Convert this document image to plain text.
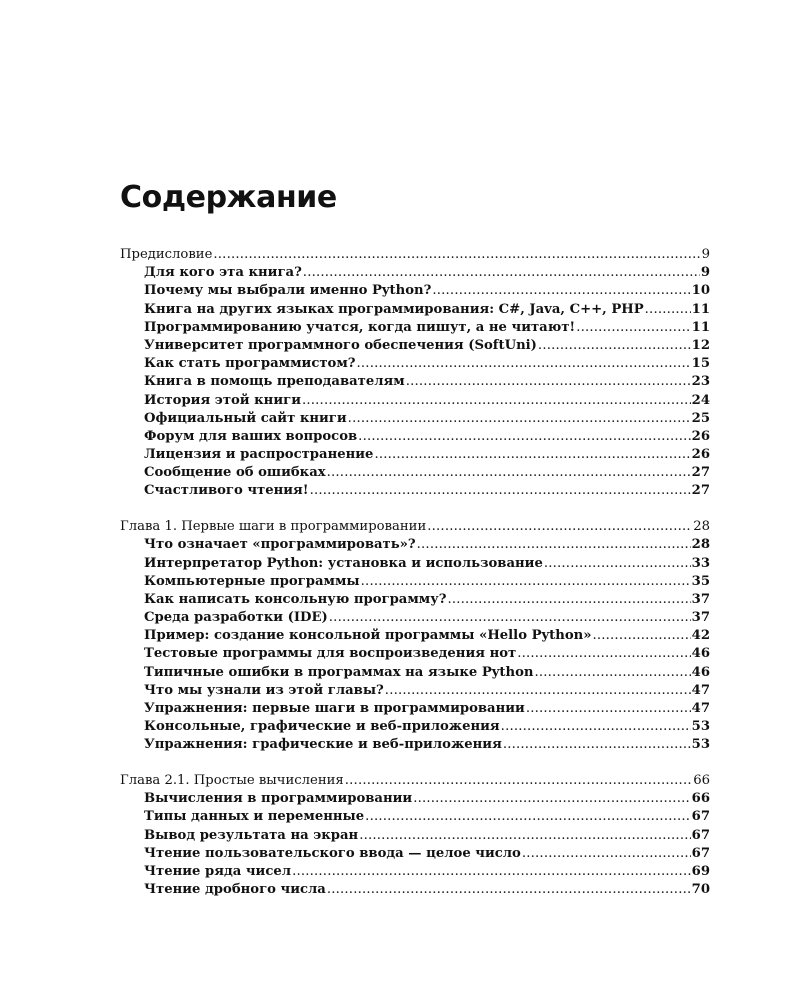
Содержание
Предисловие .....	9
Для кого эта книга? .....	9
Почему мы выбрали именно Python? .....	10
Книга на других языках программирования: C#, Java, C++, PHP .....	11
Программированию учатся, когда пишут, а не читают! .....	11
Университет программного обеспечения (SoftUni) .....	12
Как стать программистом? .....	15
Книга в помощь преподавателям .....	23
История этой книги .....	24
Официальный сайт книги .....	25
Форум для ваших вопросов .....	26
Лицензия и распространение .....	26
Сообщение об ошибках .....	27
Счастливого чтения! .....	27
Глава 1. Первые шаги в программировании .....	28
Что означает «программировать»? .....	28
Интерпретатор Python: установка и использование .....	33
Компьютерные программы .....	35
Как написать консольную программу? .....	37
Среда разработки (IDE) .....	37
Пример: создание консольной программы «Hello Python» .....	42
Тестовые программы для воспроизведения нот .....	46
Типичные ошибки в программах на языке Python .....	46
Что мы узнали из этой главы? .....	47
Упражнения: первые шаги в программировании .....	47
Консольные, графические и веб-приложения .....	53
Упражнения: графические и веб-приложения .....	53
Глава 2.1. Простые вычисления .....	66
Вычисления в программировании .....	66
Типы данных и переменные .....	67
Вывод результата на экран .....	67
Чтение пользовательского ввода — целое число .....	67
Чтение ряда чисел .....	69
Чтение дробного числа .....	70
